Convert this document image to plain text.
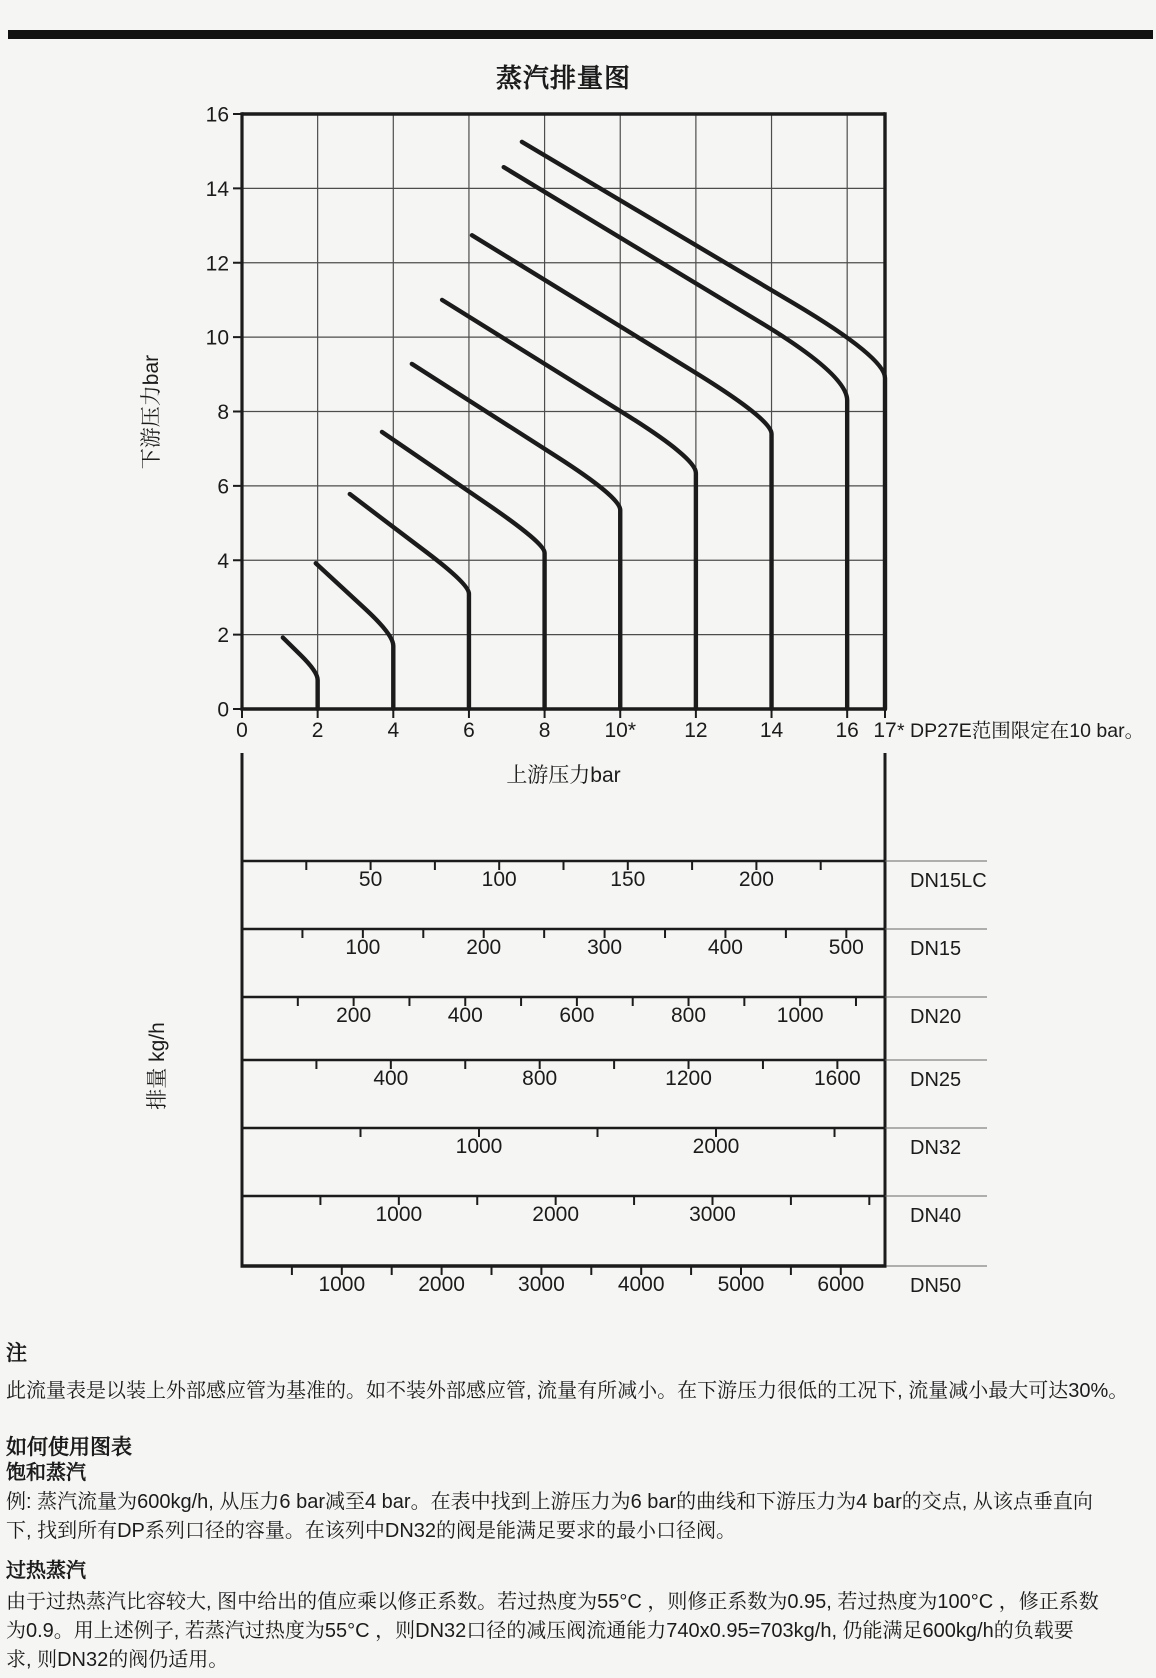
蒸汽排量图
0	2	4	6	8	10* 12 14 16 17
0
2
4
6
8
10
12
14
16
* DP27E范围限定在10 bar。
下游压力bar
上游压力bar
50	100	150	200	DN15LC
100	200	300	400	500 DN15
200	400	600	800	1000	DN20
400	800	1200	1600 DN25
1000	2000	DN32
1000	2000	3000	DN40
1000	2000	3000	4000	5000	6000 DN50
排量 kg/h
注
此流量表是以装上外部感应管为基准的。如不装外部感应管, 流量有所减小。在下游压力很低的工况下, 流量减小最大可达30%。
如何使用图表
饱和蒸汽
例: 蒸汽流量为600kg/h, 从压力6 bar减至4 bar。在表中找到上游压力为6 bar的曲线和下游压力为4 bar的交点, 从该点垂直向
下, 找到所有DP系列口径的容量。在该列中DN32的阀是能满足要求的最小口径阀。
过热蒸汽
由于过热蒸汽比容较大, 图中给出的值应乘以修正系数。若过热度为55°C ，则修正系数为0.95, 若过热度为100°C ，修正系数
为0.9。用上述例子, 若蒸汽过热度为55°C ，则DN32口径的减压阀流通能力740x0.95=703kg/h, 仍能满足600kg/h的负载要
求, 则DN32的阀仍适用。
